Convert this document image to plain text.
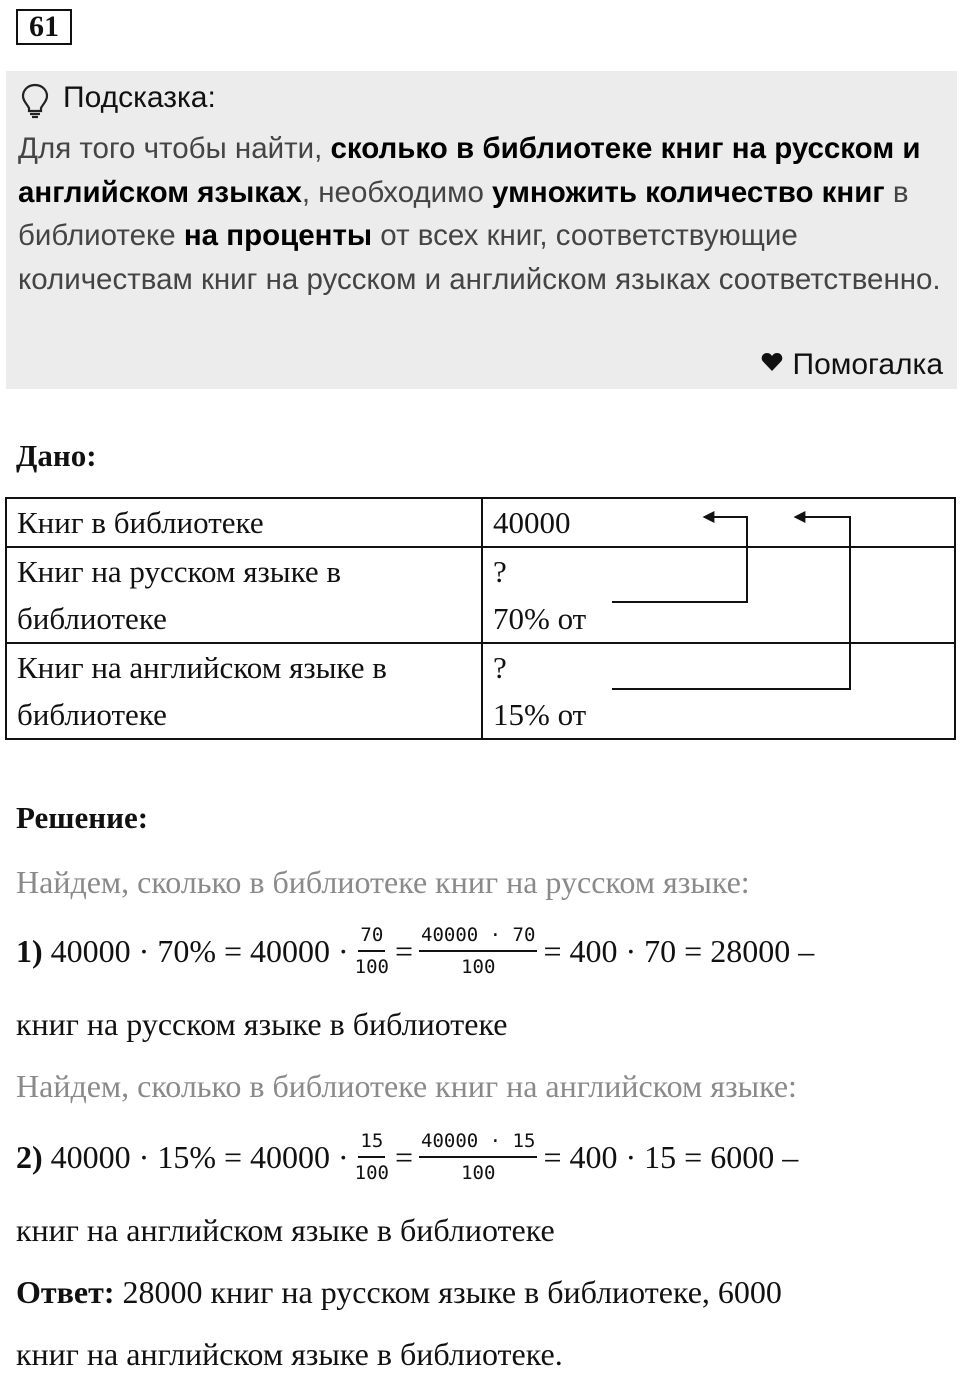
61
Подсказка:
Для того чтобы найти, сколько в библиотеке книг на русском и английском языках, необходимо умножить количество книг в библиотеке на проценты от всех книг, соответствующие количествам книг на русском и английском языках соответственно.
Помогалка
Дано:
Книг в библиотеке	40000

Книг на русском языке в библиотеке	?
70% от

Книг на английском языке в библиотеке	?
15% от
Решение:
Найдем, сколько в библиотеке книг на русском языке:
1) $40000 \cdot 70\% = 40000 \cdot \frac{70}{100} = \frac{40000 \cdot 70}{100} = 400 \cdot 70 = 28000$ –
книг на русском языке в библиотеке
Найдем, сколько в библиотеке книг на английском языке:
2) $40000 \cdot 15\% = 40000 \cdot \frac{15}{100} = \frac{40000 \cdot 15}{100} = 400 \cdot 15 = 6000$ –
книг на английском языке в библиотеке
Ответ: 28000 книг на русском языке в библиотеке, 6000
книг на английском языке в библиотеке.
